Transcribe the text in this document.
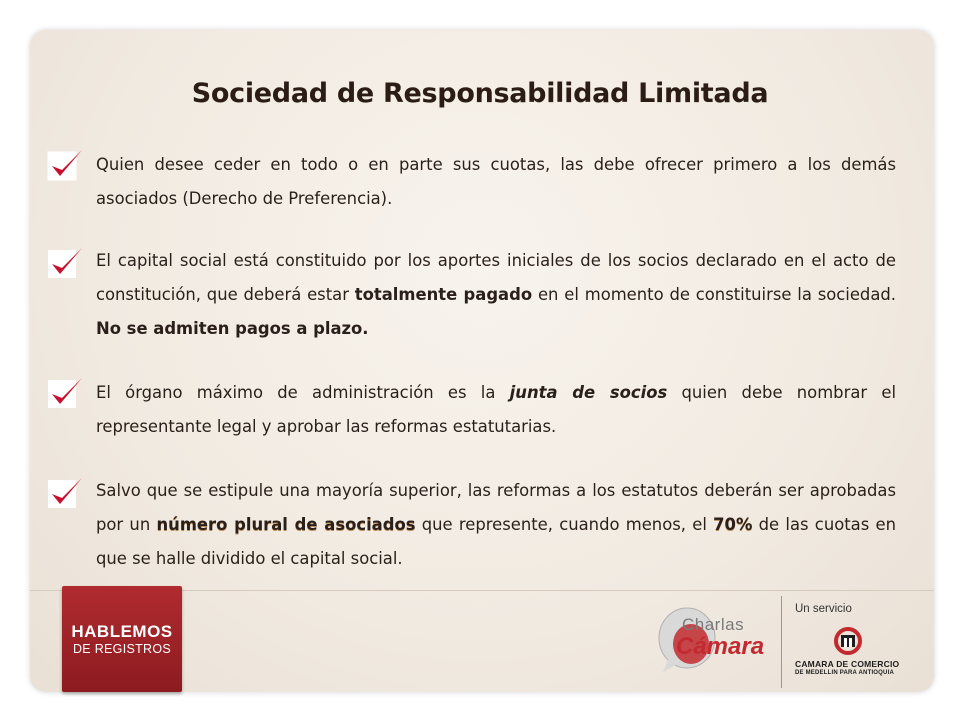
Sociedad de Responsabilidad Limitada
Quien desee ceder en todo o en parte sus cuotas, las debe ofrecer primero a los demás asociados (Derecho de Preferencia).
El capital social está constituido por los aportes iniciales de los socios declarado en el acto de constitución, que deberá estar totalmente pagado en el momento de constituirse la sociedad. No se admiten pagos a plazo.
El órgano máximo de administración es la junta de socios quien debe nombrar el representante legal y aprobar las reformas estatutarias.
Salvo que se estipule una mayoría superior, las reformas a los estatutos deberán ser aprobadas por un número plural de asociados que represente, cuando menos, el 70% de las cuotas en que se halle dividido el capital social.
HABLEMOS
DE REGISTROS
Charlas
Cámara
Un servicio
CAMARA DE COMERCIO
DE MEDELLIN PARA ANTIOQUIA
